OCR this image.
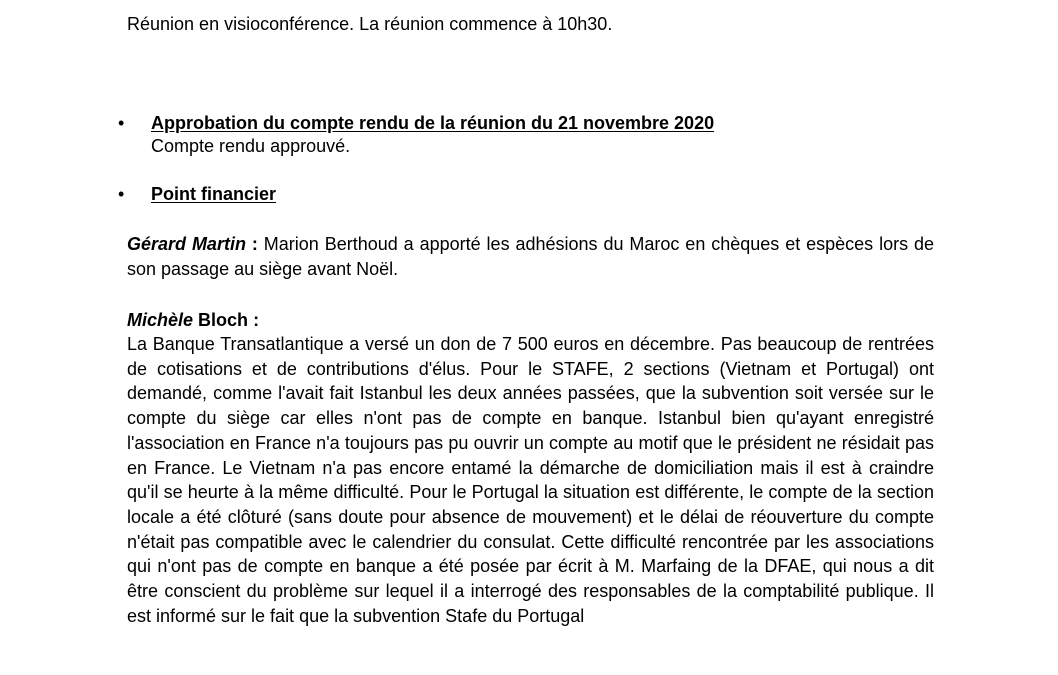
Réunion en visioconférence. La réunion commence à 10h30.
•	Approbation du compte rendu de la réunion du 21 novembre 2020
Compte rendu approuvé.
•	Point financier
Gérard Martin : Marion Berthoud a apporté les adhésions du Maroc en chèques et espèces lors de son passage au siège avant Noël.
Michèle Bloch :
La Banque Transatlantique a versé un don de 7 500 euros en décembre. Pas beaucoup de rentrées de cotisations et de contributions d'élus. Pour le STAFE, 2 sections (Vietnam et Portugal) ont demandé, comme l'avait fait Istanbul les deux années passées, que la subvention soit versée sur le compte du siège car elles n'ont pas de compte en banque. Istanbul bien qu'ayant enregistré l'association en France n'a toujours pas pu ouvrir un compte au motif que le président ne résidait pas en France. Le Vietnam n'a pas encore entamé la démarche de domiciliation mais il est à craindre qu'il se heurte à la même difficulté. Pour le Portugal la situation est différente, le compte de la section locale a été clôturé (sans doute pour absence de mouvement) et le délai de réouverture du compte n'était pas compatible avec le calendrier du consulat. Cette difficulté rencontrée par les associations qui n'ont pas de compte en banque a été posée par écrit à M. Marfaing de la DFAE, qui nous a dit être conscient du problème sur lequel il a interrogé des responsables de la comptabilité publique. Il est informé sur le fait que la subvention Stafe du Portugal
